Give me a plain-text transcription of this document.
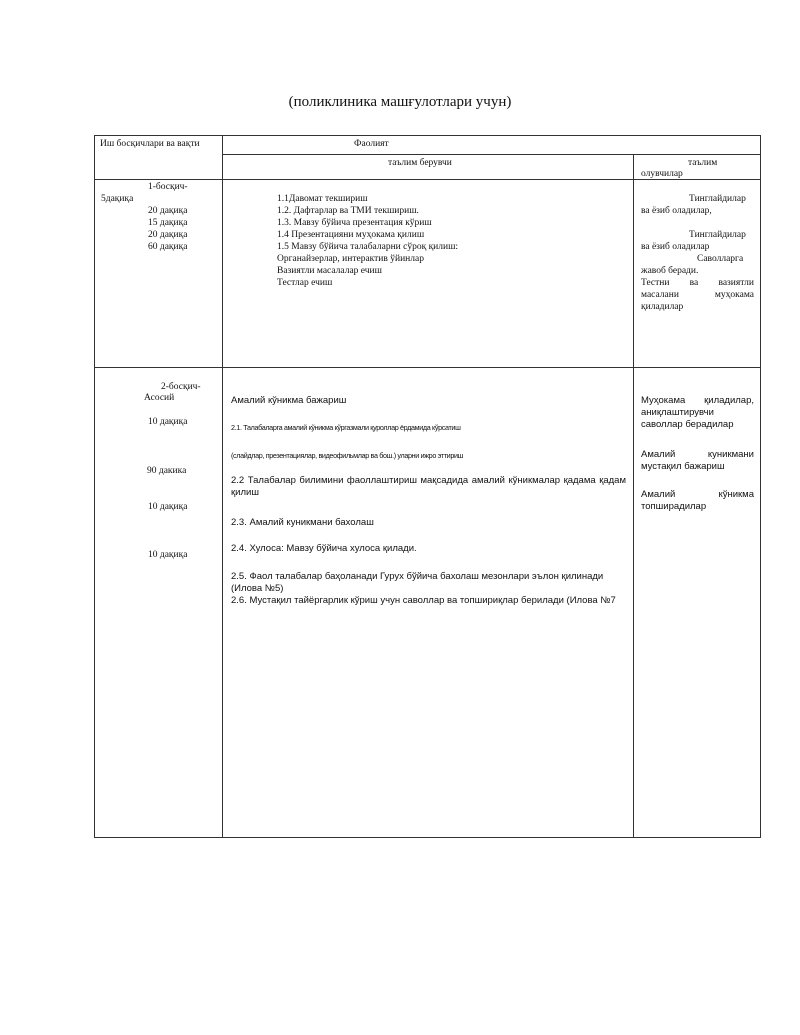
(поликлиника машғулотлари учун)
Иш босқичлари ва вақти	Фаолият
таълим берувчи	таълим
олувчилар
1-босқич-
5дақиқа
20 дақиқа
15 дақиқа
20 дақиқа
60 дақиқа
1.1Давомат текшириш
1.2. Дафтарлар ва ТМИ текшириш.
1.3. Мавзу бўйича презентация кўриш
1.4 Презентацияни муҳокама қилиш
1.5 Мавзу бўйича талабаларни сўроқ қилиш:
Органайзерлар, интерактив ўйинлар
Вазиятли масалалар ечиш
Тестлар ечиш
Тинглайдилар ва ёзиб оладилар,
Тинглайдилар ва ёзиб оладилар
Саволларга жавоб беради.
Тестни ва вазиятли масалани муҳокама қиладилар
2-босқич-
Асосий
10 дақиқа
90 дакика
10 дақиқа
10 дақиқа
Амалий кўникма бажариш
2.1. Талабаларга амалий кўникма кўргазмали қуроллар ёрдамида кўрсатиш
(слайдлар, презентациялар, видеофильмлар ва бош.) уларни ижро эттириш
2.2 Талабалар билимини фаоллаштириш мақсадида амалий кўникмалар қадама қадам қилиш
2.3. Амалий куникмани бахолаш
2.4. Хулоса: Мавзу бўйича хулоса қилади.
2.5. Фаол талабалар баҳоланади Гурух бўйича бахолаш мезонлари эълон қилинади (Илова №5)
2.6. Мустақил тайёргарлик кўриш учун саволлар ва топшириқлар берилади (Илова №7
Муҳокама қиладилар, аниқлаштирувчи саволлар берадилар
Амалий куникмани мустақил бажариш
Амалий кўникма топширадилар
